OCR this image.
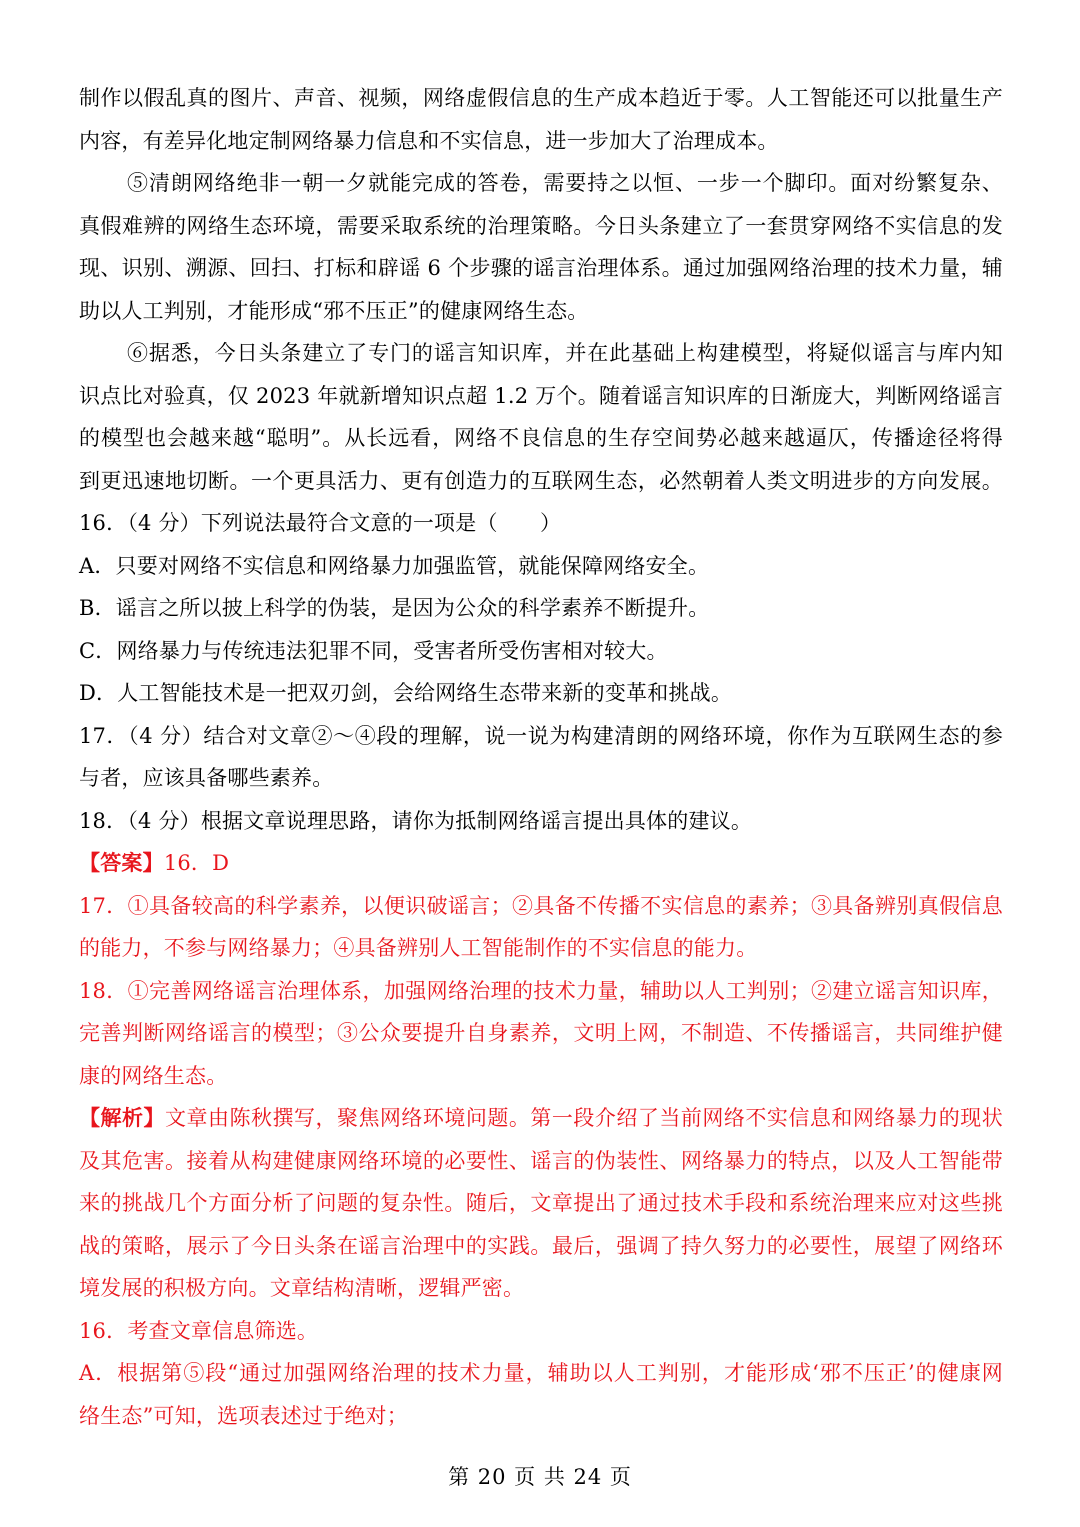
制作以假乱真的图片、声音、视频，网络虚假信息的生产成本趋近于零。人工智能还可以批量生产
内容，有差异化地定制网络暴力信息和不实信息，进一步加大了治理成本。
⑤清朗网络绝非一朝一夕就能完成的答卷，需要持之以恒、一步一个脚印。面对纷繁复杂、
真假难辨的网络生态环境，需要采取系统的治理策略。今日头条建立了一套贯穿网络不实信息的发
现、识别、溯源、回扫、打标和辟谣 6 个步骤的谣言治理体系。通过加强网络治理的技术力量，辅
助以人工判别，才能形成“邪不压正”的健康网络生态。
⑥据悉，今日头条建立了专门的谣言知识库，并在此基础上构建模型，将疑似谣言与库内知
识点比对验真，仅 2023 年就新增知识点超 1.2 万个。随着谣言知识库的日渐庞大，判断网络谣言
的模型也会越来越“聪明”。从长远看，网络不良信息的生存空间势必越来越逼仄，传播途径将得
到更迅速地切断。一个更具活力、更有创造力的互联网生态，必然朝着人类文明进步的方向发展。
16．（4 分）下列说法最符合文意的一项是（　　）
A．只要对网络不实信息和网络暴力加强监管，就能保障网络安全。
B．谣言之所以披上科学的伪装，是因为公众的科学素养不断提升。
C．网络暴力与传统违法犯罪不同，受害者所受伤害相对较大。
D．人工智能技术是一把双刃剑，会给网络生态带来新的变革和挑战。
17．（4 分）结合对文章②～④段的理解，说一说为构建清朗的网络环境，你作为互联网生态的参
与者，应该具备哪些素养。
18．（4 分）根据文章说理思路，请你为抵制网络谣言提出具体的建议。
【答案】16．D
17．①具备较高的科学素养，以便识破谣言；②具备不传播不实信息的素养；③具备辨别真假信息
的能力，不参与网络暴力；④具备辨别人工智能制作的不实信息的能力。
18．①完善网络谣言治理体系，加强网络治理的技术力量，辅助以人工判别；②建立谣言知识库，
完善判断网络谣言的模型；③公众要提升自身素养，文明上网，不制造、不传播谣言，共同维护健
康的网络生态。
【解析】文章由陈秋撰写，聚焦网络环境问题。第一段介绍了当前网络不实信息和网络暴力的现状
及其危害。接着从构建健康网络环境的必要性、谣言的伪装性、网络暴力的特点，以及人工智能带
来的挑战几个方面分析了问题的复杂性。随后，文章提出了通过技术手段和系统治理来应对这些挑
战的策略，展示了今日头条在谣言治理中的实践。最后，强调了持久努力的必要性，展望了网络环
境发展的积极方向。文章结构清晰，逻辑严密。
16．考查文章信息筛选。
A．根据第⑤段“通过加强网络治理的技术力量，辅助以人工判别，才能形成‘邪不压正’的健康网
络生态”可知，选项表述过于绝对；
第 20 页 共 24 页
